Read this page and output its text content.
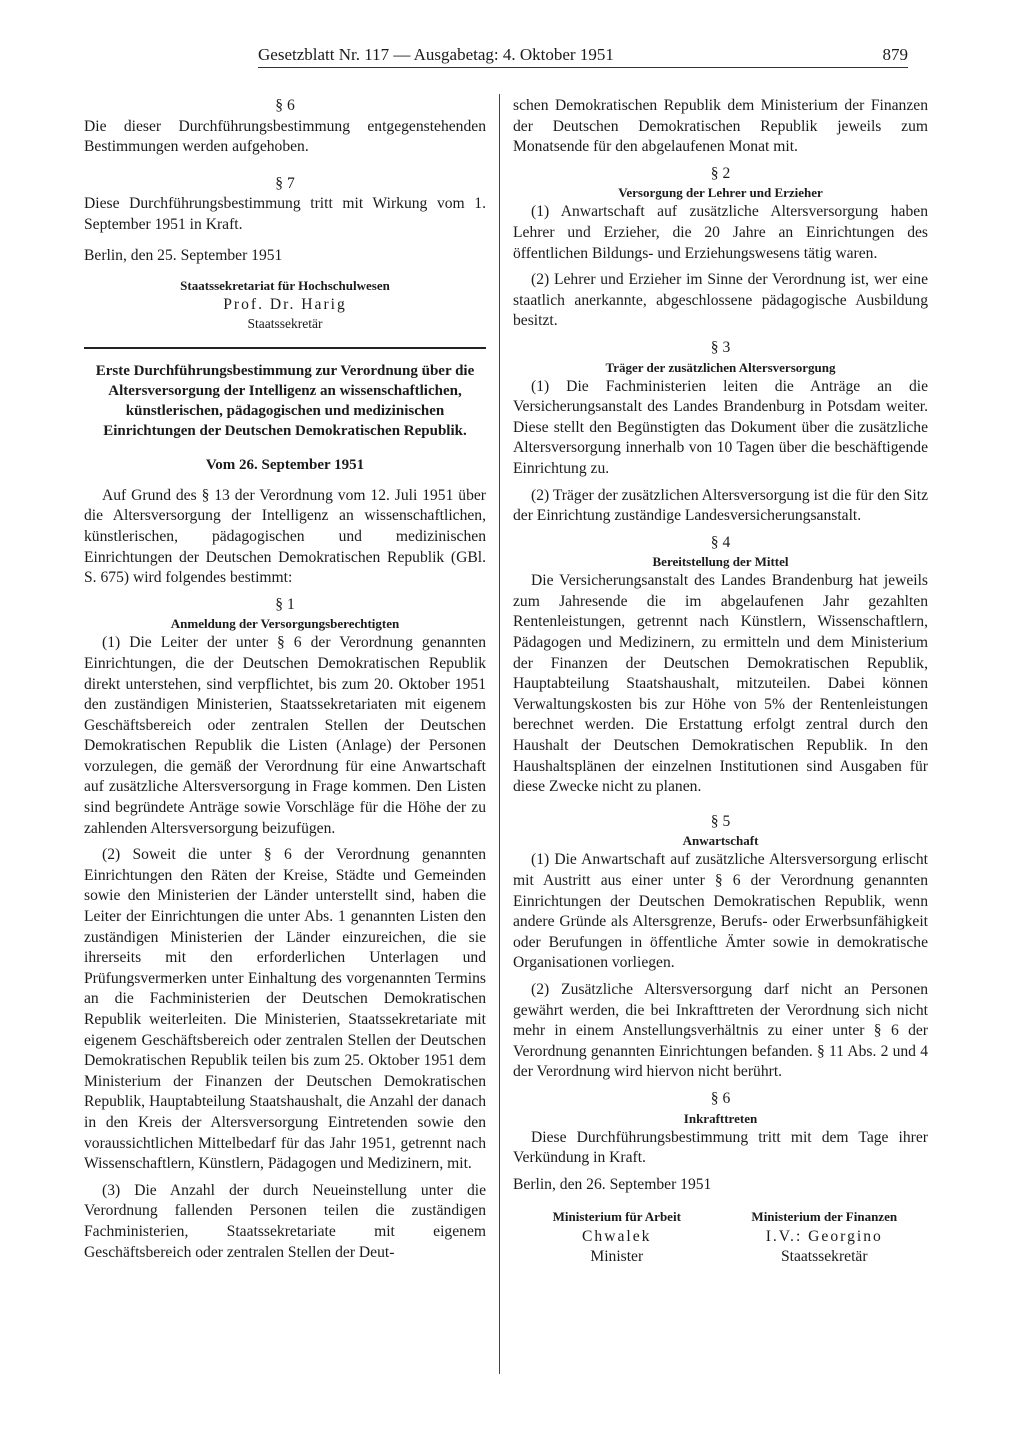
Gesetzblatt Nr. 117 — Ausgabetag: 4. Oktober 1951	879

§ 6

Die dieser Durchführungsbestimmung entgegenstehenden Bestimmungen werden aufgehoben.

§ 7

Diese Durchführungsbestimmung tritt mit Wirkung vom 1. September 1951 in Kraft.

Berlin, den 25. September 1951

Staatssekretariat für Hochschulwesen
Prof. Dr. Harig
Staatssekretär

Erste Durchführungsbestimmung zur Verordnung über die Altersversorgung der Intelligenz an wissenschaftlichen, künstlerischen, pädagogischen und medizinischen Einrichtungen der Deutschen Demokratischen Republik.

Vom 26. September 1951

Auf Grund des § 13 der Verordnung vom 12. Juli 1951 über die Altersversorgung der Intelligenz an wissenschaftlichen, künstlerischen, pädagogischen und medizinischen Einrichtungen der Deutschen Demokratischen Republik (GBl. S. 675) wird folgendes bestimmt:

§ 1

Anmeldung der Versorgungsberechtigten

(1) Die Leiter der unter § 6 der Verordnung genannten Einrichtungen, die der Deutschen Demokratischen Republik direkt unterstehen, sind verpflichtet, bis zum 20. Oktober 1951 den zuständigen Ministerien, Staatssekretariaten mit eigenem Geschäftsbereich oder zentralen Stellen der Deutschen Demokratischen Republik die Listen (Anlage) der Personen vorzulegen, die gemäß der Verordnung für eine Anwartschaft auf zusätzliche Altersversorgung in Frage kommen. Den Listen sind begründete Anträge sowie Vorschläge für die Höhe der zu zahlenden Altersversorgung beizufügen.

(2) Soweit die unter § 6 der Verordnung genannten Einrichtungen den Räten der Kreise, Städte und Gemeinden sowie den Ministerien der Länder unterstellt sind, haben die Leiter der Einrichtungen die unter Abs. 1 genannten Listen den zuständigen Ministerien der Länder einzureichen, die sie ihrerseits mit den erforderlichen Unterlagen und Prüfungsvermerken unter Einhaltung des vorgenannten Termins an die Fachministerien der Deutschen Demokratischen Republik weiterleiten. Die Ministerien, Staatssekretariate mit eigenem Geschäftsbereich oder zentralen Stellen der Deutschen Demokratischen Republik teilen bis zum 25. Oktober 1951 dem Ministerium der Finanzen der Deutschen Demokratischen Republik, Hauptabteilung Staatshaushalt, die Anzahl der danach in den Kreis der Altersversorgung Eintretenden sowie den voraussichtlichen Mittelbedarf für das Jahr 1951, getrennt nach Wissenschaftlern, Künstlern, Pädagogen und Medizinern, mit.

(3) Die Anzahl der durch Neueinstellung unter die Verordnung fallenden Personen teilen die zuständigen Fachministerien, Staatssekretariate mit eigenem Geschäftsbereich oder zentralen Stellen der Deut-

schen Demokratischen Republik dem Ministerium der Finanzen der Deutschen Demokratischen Republik jeweils zum Monatsende für den abgelaufenen Monat mit.

§ 2

Versorgung der Lehrer und Erzieher

(1) Anwartschaft auf zusätzliche Altersversorgung haben Lehrer und Erzieher, die 20 Jahre an Einrichtungen des öffentlichen Bildungs- und Erziehungswesens tätig waren.

(2) Lehrer und Erzieher im Sinne der Verordnung ist, wer eine staatlich anerkannte, abgeschlossene pädagogische Ausbildung besitzt.

§ 3

Träger der zusätzlichen Altersversorgung

(1) Die Fachministerien leiten die Anträge an die Versicherungsanstalt des Landes Brandenburg in Potsdam weiter. Diese stellt den Begünstigten das Dokument über die zusätzliche Altersversorgung innerhalb von 10 Tagen über die beschäftigende Einrichtung zu.

(2) Träger der zusätzlichen Altersversorgung ist die für den Sitz der Einrichtung zuständige Landesversicherungsanstalt.

§ 4

Bereitstellung der Mittel

Die Versicherungsanstalt des Landes Brandenburg hat jeweils zum Jahresende die im abgelaufenen Jahr gezahlten Rentenleistungen, getrennt nach Künstlern, Wissenschaftlern, Pädagogen und Medizinern, zu ermitteln und dem Ministerium der Finanzen der Deutschen Demokratischen Republik, Hauptabteilung Staatshaushalt, mitzuteilen. Dabei können Verwaltungskosten bis zur Höhe von 5% der Rentenleistungen berechnet werden. Die Erstattung erfolgt zentral durch den Haushalt der Deutschen Demokratischen Republik. In den Haushaltsplänen der einzelnen Institutionen sind Ausgaben für diese Zwecke nicht zu planen.

§ 5

Anwartschaft

(1) Die Anwartschaft auf zusätzliche Altersversorgung erlischt mit Austritt aus einer unter § 6 der Verordnung genannten Einrichtungen der Deutschen Demokratischen Republik, wenn andere Gründe als Altersgrenze, Berufs- oder Erwerbsunfähigkeit oder Berufungen in öffentliche Ämter sowie in demokratische Organisationen vorliegen.

(2) Zusätzliche Altersversorgung darf nicht an Personen gewährt werden, die bei Inkrafttreten der Verordnung sich nicht mehr in einem Anstellungsverhältnis zu einer unter § 6 der Verordnung genannten Einrichtungen befanden. § 11 Abs. 2 und 4 der Verordnung wird hiervon nicht berührt.

§ 6

Inkrafttreten

Diese Durchführungsbestimmung tritt mit dem Tage ihrer Verkündung in Kraft.

Berlin, den 26. September 1951

Ministerium für Arbeit
Chwalek
Minister
Ministerium der Finanzen
I.V.: Georgino
Staatssekretär
